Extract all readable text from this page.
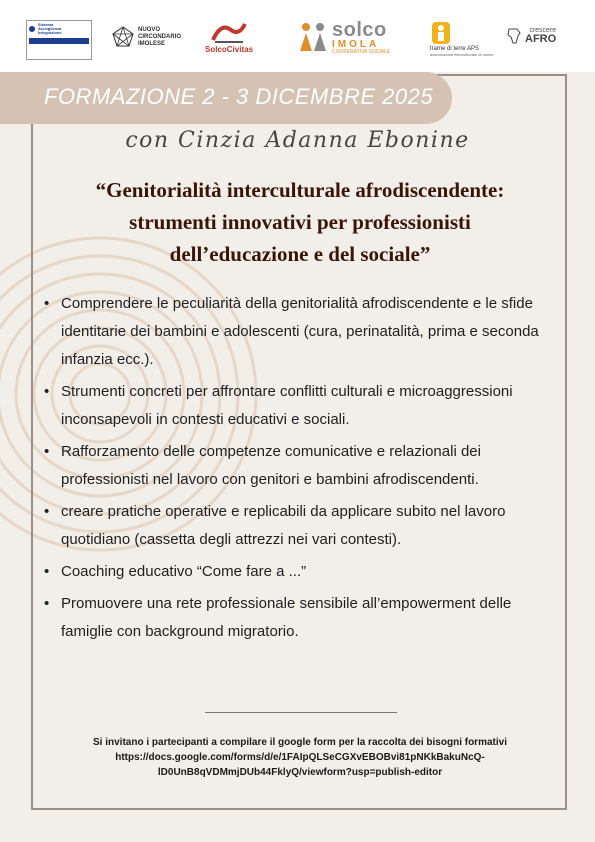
Sistema
Accoglienza
Integrazione	NUOVO CIRCONDARIO IMOLESE
SolcoCivitas
solco
IMOLA
COOPERATIVA SOCIALE	trame di terre APS
associazione interculturale di donne
crescere
AFRO
FORMAZIONE 2 - 3 DICEMBRE 2025
con Cinzia Adanna Ebonine
“Genitorialità interculturale afrodiscendente:
strumenti innovativi per professionisti
dell’educazione e del sociale”
• Comprendere le peculiarità della genitorialità afrodiscendente e le sfide identitarie dei bambini e adolescenti (cura, perinatalità, prima e seconda infanzia ecc.).
• Strumenti concreti per affrontare conflitti culturali e microaggressioni inconsapevoli in contesti educativi e sociali.
• Rafforzamento delle competenze comunicative e relazionali dei professionisti nel lavoro con genitori e bambini afrodiscendenti.
• creare pratiche operative e replicabili da applicare subito nel lavoro quotidiano (cassetta degli attrezzi nei vari contesti).
• Coaching educativo “Come fare a ...”
• Promuovere una rete professionale sensibile all’empowerment delle famiglie con background migratorio.
Si invitano i partecipanti a compilare il google form per la raccolta dei bisogni formativi
https://docs.google.com/forms/d/e/1FAIpQLSeCGXvEBOBvi81pNKkBakuNcQ-
lD0UnB8qVDMmjDUb44FklyQ/viewform?usp=publish-editor
